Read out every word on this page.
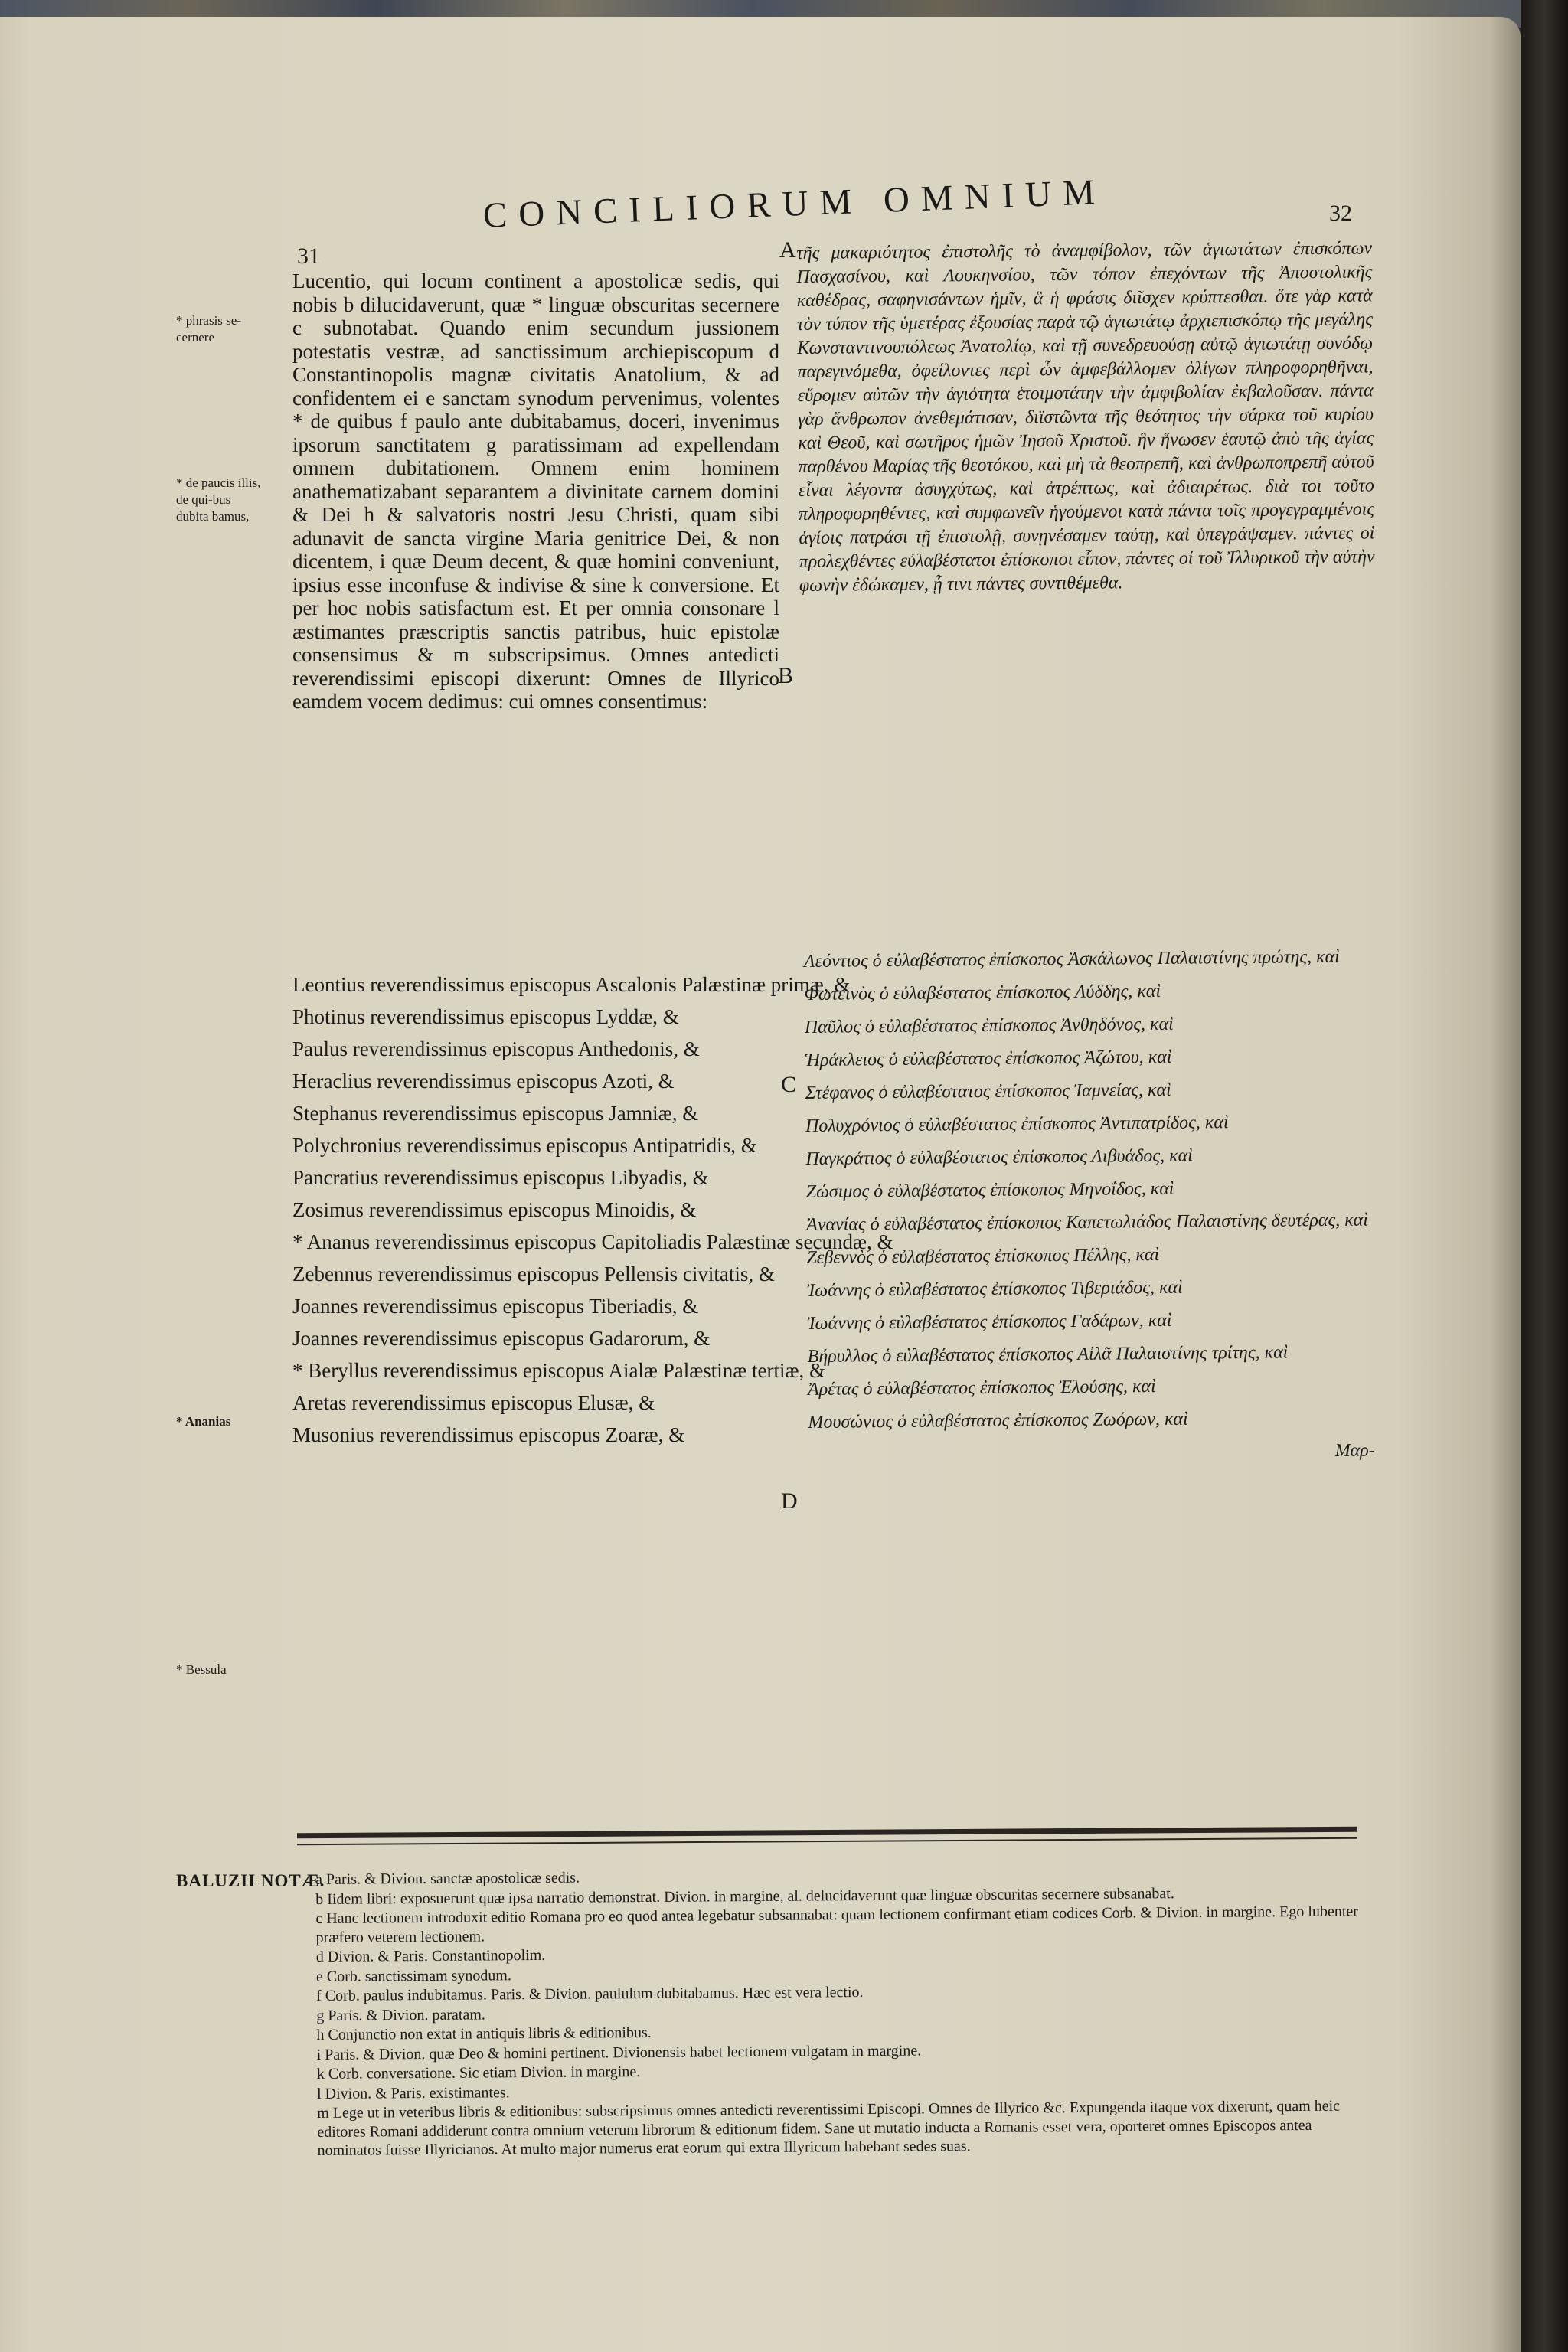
31
CONCILIORUM OMNIUM	32
* phrasis se-cernere
* de paucis illis, de qui-bus dubita bamus,
* Ananias
* Bessula
A
B
C
D
Lucentio, qui locum continent a apostolicæ sedis, qui nobis b dilucidaverunt, quæ * linguæ obscuritas secernere c subnotabat. Quando enim secundum jussionem potestatis vestræ, ad sanctissimum archiepiscopum d Constantinopolis magnæ civitatis Anatolium, & ad confidentem ei e sanctam synodum pervenimus, volentes * de quibus f paulo ante dubitabamus, doceri, invenimus ipsorum sanctitatem g paratissimam ad expellendam omnem dubitationem. Omnem enim hominem anathematizabant separantem a divinitate carnem domini & Dei h & salvatoris nostri Jesu Christi, quam sibi adunavit de sancta virgine Maria genitrice Dei, & non dicentem, i quæ Deum decent, & quæ homini conveniunt, ipsius esse inconfuse & indivise & sine k conversione. Et per hoc nobis satisfactum est. Et per omnia consonare l æstimantes præscriptis sanctis patribus, huic epistolæ consensimus & m subscripsimus. Omnes antedicti reverendissimi episcopi dixerunt: Omnes de Illyrico eamdem vocem dedimus: cui omnes consentimus:
τῆς μακαριότητος ἐπιστολῆς τὸ ἀναμφίβολον, τῶν ἁγιωτάτων ἐπισκόπων Πασχασίνου, καὶ Λουκηνσίου, τῶν τόπον ἐπεχόντων τῆς Ἀποστολικῆς καθέδρας, σαφηνισάντων ἡμῖν, ἃ ἡ φράσις διῖσχεν κρύπτεσθαι. ὅτε γὰρ κατὰ τὸν τύπον τῆς ὑμετέρας ἐξουσίας παρὰ τῷ ἁγιωτάτῳ ἀρχιεπισκόπῳ τῆς μεγάλης Κωνσταντινουπόλεως Ἀνατολίῳ, καὶ τῇ συνεδρευούσῃ αὐτῷ ἁγιωτάτῃ συνόδῳ παρεγινόμεθα, ὀφείλοντες περὶ ὧν ἀμφεβάλλομεν ὀλίγων πληροφορηθῆναι, εὕρομεν αὐτῶν τὴν ἁγιότητα ἑτοιμοτάτην τὴν ἀμφιβολίαν ἐκβαλοῦσαν. πάντα γὰρ ἄνθρωπον ἀνεθεμάτισαν, διϊστῶντα τῆς θεότητος τὴν σάρκα τοῦ κυρίου καὶ Θεοῦ, καὶ σωτῆρος ἡμῶν Ἰησοῦ Χριστοῦ. ἣν ἥνωσεν ἑαυτῷ ἀπὸ τῆς ἁγίας παρθένου Μαρίας τῆς θεοτόκου, καὶ μὴ τὰ θεοπρεπῆ, καὶ ἀνθρωποπρεπῆ αὐτοῦ εἶναι λέγοντα ἀσυγχύτως, καὶ ἀτρέπτως, καὶ ἀδιαιρέτως. διὰ τοι τοῦτο πληροφορηθέντες, καὶ συμφωνεῖν ἡγούμενοι κατὰ πάντα τοῖς προγεγραμμένοις ἁγίοις πατράσι τῇ ἐπιστολῇ, συνῃνέσαμεν ταύτῃ, καὶ ὑπεγράψαμεν. πάντες οἱ προλεχθέντες εὐλαβέστατοι ἐπίσκοποι εἶπον, πάντες οἱ τοῦ Ἰλλυρικοῦ τὴν αὐτὴν φωνὴν ἐδώκαμεν, ᾗ τινι πάντες συντιθέμεθα.
Leontius reverendissimus episcopus Ascalonis Palæstinæ primæ, &
Photinus reverendissimus episcopus Lyddæ, &
Paulus reverendissimus episcopus Anthedonis, &
Heraclius reverendissimus episcopus Azoti, &
Stephanus reverendissimus episcopus Jamniæ, &
Polychronius reverendissimus episcopus Antipatridis, &
Pancratius reverendissimus episcopus Libyadis, &
Zosimus reverendissimus episcopus Minoidis, &
* Ananus reverendissimus episcopus Capitoliadis Palæstinæ secundæ, &
Zebennus reverendissimus episcopus Pellensis civitatis, &
Joannes reverendissimus episcopus Tiberiadis, &
Joannes reverendissimus episcopus Gadarorum, &
* Beryllus reverendissimus episcopus Aialæ Palæstinæ tertiæ, &
Aretas reverendissimus episcopus Elusæ, &
Musonius reverendissimus episcopus Zoaræ, &
Λεόντιος ὁ εὐλαβέστατος ἐπίσκοπος Ἀσκάλωνος Παλαιστίνης πρώτης, καὶ
Φωτεινὸς ὁ εὐλαβέστατος ἐπίσκοπος Λύδδης, καὶ
Παῦλος ὁ εὐλαβέστατος ἐπίσκοπος Ἀνθηδόνος, καὶ
Ἡράκλειος ὁ εὐλαβέστατος ἐπίσκοπος Ἀζώτου, καὶ
Στέφανος ὁ εὐλαβέστατος ἐπίσκοπος Ἰαμνείας, καὶ
Πολυχρόνιος ὁ εὐλαβέστατος ἐπίσκοπος Ἀντιπατρίδος, καὶ
Παγκράτιος ὁ εὐλαβέστατος ἐπίσκοπος Λιβυάδος, καὶ
Ζώσιμος ὁ εὐλαβέστατος ἐπίσκοπος Μηνοΐδος, καὶ
Ἀνανίας ὁ εὐλαβέστατος ἐπίσκοπος Καπετωλιάδος Παλαιστίνης δευτέρας, καὶ
Ζεβεννὸς ὁ εὐλαβέστατος ἐπίσκοπος Πέλλης, καὶ
Ἰωάννης ὁ εὐλαβέστατος ἐπίσκοπος Τιβεριάδος, καὶ
Ἰωάννης ὁ εὐλαβέστατος ἐπίσκοπος Γαδάρων, καὶ
Βήρυλλος ὁ εὐλαβέστατος ἐπίσκοπος Αἰλᾶ Παλαιστίνης τρίτης, καὶ
Ἀρέτας ὁ εὐλαβέστατος ἐπίσκοπος Ἐλούσης, καὶ
Μουσώνιος ὁ εὐλαβέστατος ἐπίσκοπος Ζωόρων, καὶ
Μαρ-
BALUZII NOTÆ.
a Paris. & Divion. sanctæ apostolicæ sedis.
b Iidem libri: exposuerunt quæ ipsa narratio demonstrat. Divion. in margine, al. delucidaverunt quæ linguæ obscuritas secernere subsanabat.
c Hanc lectionem introduxit editio Romana pro eo quod antea legebatur subsannabat: quam lectionem confirmant etiam codices Corb. & Divion. in margine. Ego lubenter præfero veterem lectionem.
d Divion. & Paris. Constantinopolim.
e Corb. sanctissimam synodum.
f Corb. paulus indubitamus. Paris. & Divion. paululum dubitabamus. Hæc est vera lectio.
g Paris. & Divion. paratam.
h Conjunctio non extat in antiquis libris & editionibus.
i Paris. & Divion. quæ Deo & homini pertinent. Divionensis habet lectionem vulgatam in margine.
k Corb. conversatione. Sic etiam Divion. in margine.
l Divion. & Paris. existimantes.
m Lege ut in veteribus libris & editionibus: subscripsimus omnes antedicti reverentissimi Episcopi. Omnes de Illyrico &c. Expungenda itaque vox dixerunt, quam heic editores Romani addiderunt contra omnium veterum librorum & editionum fidem. Sane ut mutatio inducta a Romanis esset vera, oporteret omnes Episcopos antea nominatos fuisse Illyricianos. At multo major numerus erat eorum qui extra Illyricum habebant sedes suas.
